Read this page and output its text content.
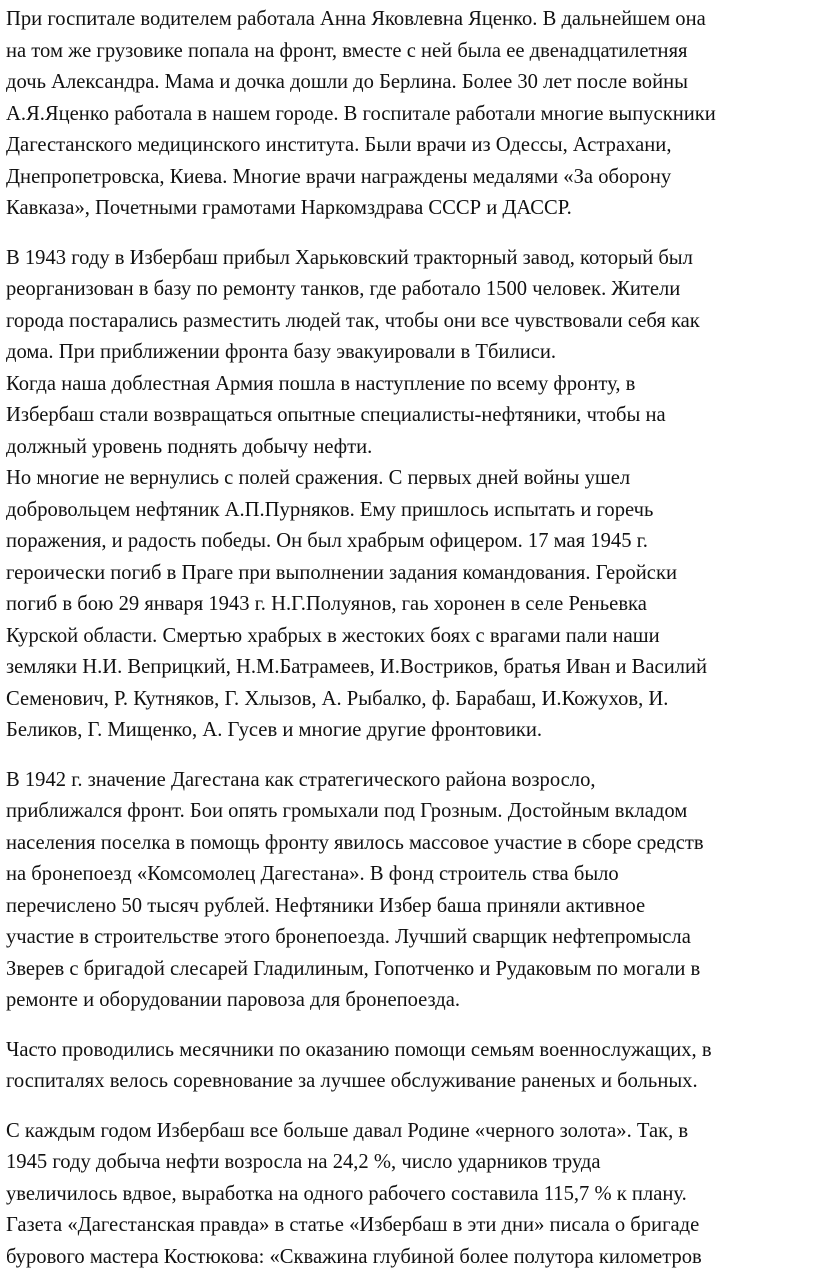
При госпитале водителем работала Анна Яковлевна Яценко. В дальнейшем она
на том же грузовике попала на фронт, вместе с ней была ее двенадцатилетняя
дочь Александра. Мама и дочка дошли до Берлина. Более 30 лет после войны
А.Я.Яценко работала в нашем городе. В госпитале работали многие выпускники
Дагестанского медицинского института. Были врачи из Одессы, Астрахани,
Днепропетровска, Киева. Многие врачи награждены медалями «За оборону
Кавказа», Почетными грамотами Наркомздрава СССР и ДАССР.

В 1943 году в Избербаш прибыл Харьковский тракторный завод, который был
реорганизован в базу по ремонту танков, где работало 1500 человек. Жители
города постарались разместить людей так, чтобы они все чувствовали себя как
дома. При приближении фронта базу эвакуировали в Тбилиси.

Когда наша доблестная Армия пошла в наступление по всему фронту, в
Избербаш стали возвращаться опытные специалисты-нефтяники, чтобы на
должный уровень поднять добычу нефти.

Но многие не вернулись с полей сражения. С первых дней войны ушел
добровольцем нефтяник А.П.Пурняков. Ему пришлось испытать и горечь
поражения, и радость победы. Он был храбрым офицером. 17 мая 1945 г.
героически погиб в Праге при выполнении задания командования. Геройски
погиб в бою 29 января 1943 г. Н.Г.Полуянов, гаь хоронен в селе Реньевка
Курской области. Смертью храбрых в жестоких боях с врагами пали наши
земляки Н.И. Веприцкий, Н.М.Батрамеев, И.Востриков, братья Иван и Василий
Семенович, Р. Кутняков, Г. Хлызов, А. Рыбалко, ф. Барабаш, И.Кожухов, И.
Беликов, Г. Мищенко, А. Гусев и многие другие фронтовики.

В 1942 г. значение Дагестана как стратегического района возросло,
приближался фронт. Бои опять громыхали под Грозным. Достойным вкладом
населения поселка в помощь фронту явилось массовое участие в сборе средств
на бронепоезд «Комсомолец Дагестана». В фонд строитель ства было
перечислено 50 тысяч рублей. Нефтяники Избер баша приняли активное
участие в строительстве этого бронепоезда. Лучший сварщик нефтепромысла
Зверев с бригадой слесарей Гладилиным, Гопотченко и Рудаковым по могали в
ремонте и оборудовании паровоза для бронепоезда.

Часто проводились месячники по оказанию помощи семьям военнослужащих, в
госпиталях велось соревнование за лучшее обслуживание раненых и больных.

С каждым годом Избербаш все больше давал Родине «черного золота». Так, в
1945 году добыча нефти возросла на 24,2 %, число ударников труда
увеличилось вдвое, выработка на одного рабочего составила 115,7 % к плану.
Газета «Дагестанская правда» в статье «Избербаш в эти дни» писала о бригаде
бурового мастера Костюкова: «Скважина глубиной более полутора километров
